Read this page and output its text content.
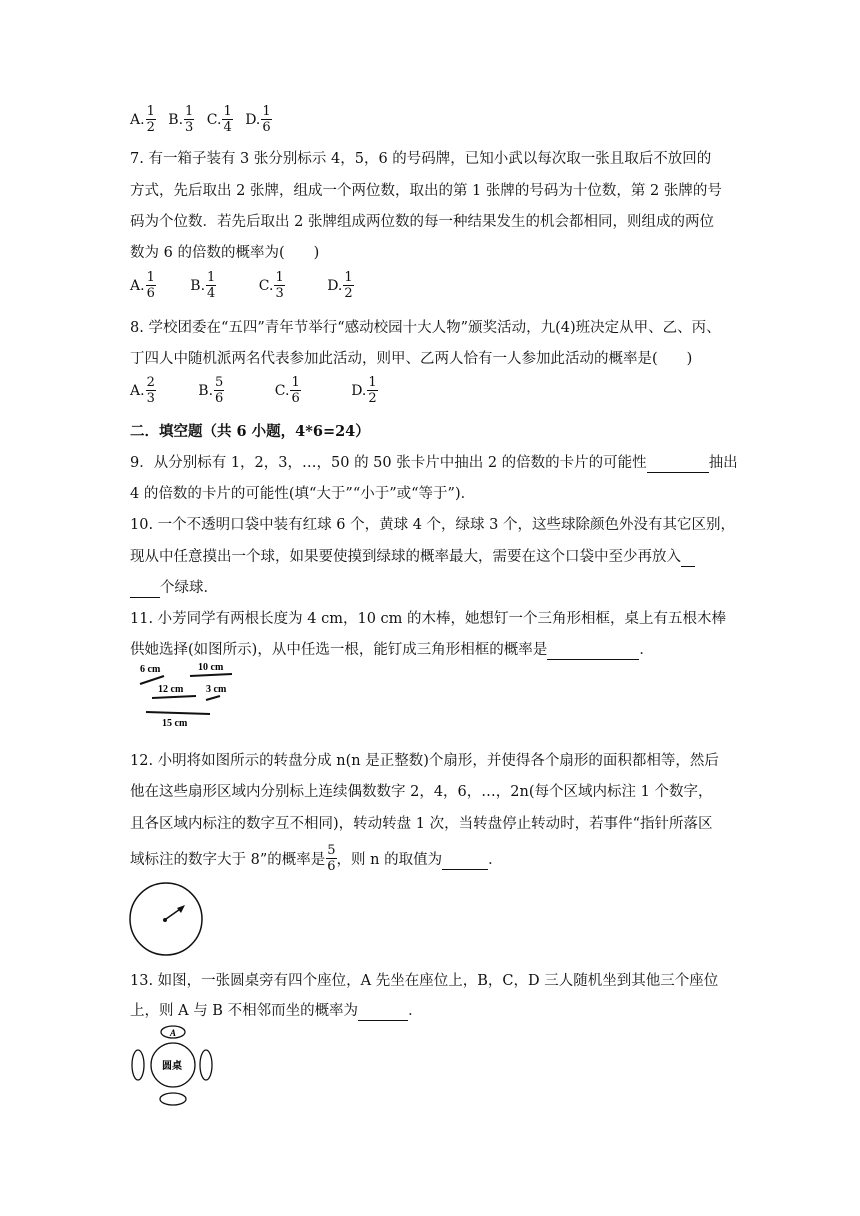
A. $\frac{1}{2} B$. $\frac{1}{3} C$. $\frac{1}{4} D$. $\frac{1}{6}$
7. 有一箱子装有 3 张分别标示 4，5，6 的号码牌，已知小武以每次取一张且取后不放回的
方式，先后取出 2 张牌，组成一个两位数，取出的第 1 张牌的号码为十位数，第 2 张牌的号
码为个位数．若先后取出 2 张牌组成两位数的每一种结果发生的机会都相同，则组成的两位
数为 6 的倍数的概率为(　　)
A. $\frac{1}{6} B$. $\frac{1}{4}$	C. $\frac{1}{3}$	D. $\frac{1}{2}$
8. 学校团委在“五四”青年节举行“感动校园十大人物”颁奖活动，九(4)班决定从甲、乙、丙、
丁四人中随机派两名代表参加此活动，则甲、乙两人恰有一人参加此活动的概率是(　　)
A. $\frac{2}{3}$	B. $\frac{5}{6}$	C. $\frac{1}{6}$	D. $\frac{1}{2}$
二．填空题（共 6 小题，4*6=24）
9．从分别标有 1，2，3，…，50 的 50 张卡片中抽出 2 的倍数的卡片的可能性	抽出
4 的倍数的卡片的可能性(填“大于”“小于”或“等于”)．
10. 一个不透明口袋中装有红球 6 个，黄球 4 个，绿球 3 个，这些球除颜色外没有其它区别，
现从中任意摸出一个球，如果要使摸到绿球的概率最大，需要在这个口袋中至少再放入
个绿球．
11. 小芳同学有两根长度为 4 cm，10 cm 的木棒，她想钉一个三角形相框，桌上有五根木棒
供她选择(如图所示)，从中任选一根，能钉成三角形相框的概率是	．
6 cm	10 cm
12 cm 3 cm
15 cm
12. 小明将如图所示的转盘分成 n(n 是正整数)个扇形，并使得各个扇形的面积都相等，然后
他在这些扇形区域内分别标上连续偶数数字 2，4，6，…，2n(每个区域内标注 1 个数字，
且各区域内标注的数字互不相同)，转动转盘 1 次，当转盘停止转动时，若事件“指针所落区
域标注的数字大于 8”的概率是 $\frac{5}{6}$ ，则 n 的取值为	．
13. 如图，一张圆桌旁有四个座位，A 先坐在座位上，B，C，D 三人随机坐到其他三个座位
上，则 A 与 B 不相邻而坐的概率为	．
A
圆桌
